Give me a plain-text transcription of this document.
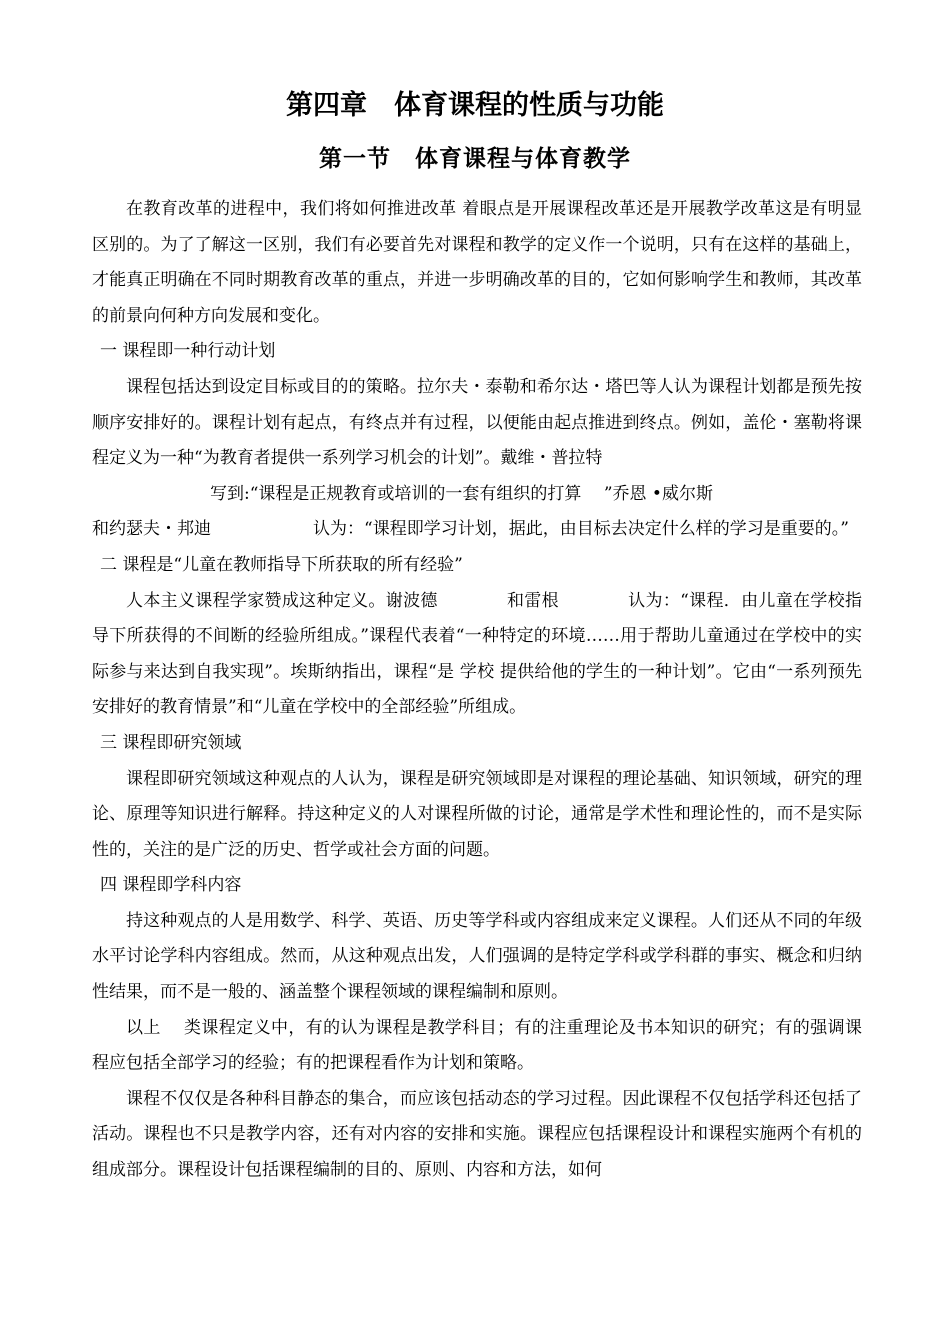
第四章　体育课程的性质与功能
第一节　体育课程与体育教学

在教育改革的进程中，我们将如何推进改革 着眼点是开展课程改革还是开展教学改革这是有明显区别的。为了了解这一区别，我们有必要首先对课程和教学的定义作一个说明，只有在这样的基础上，才能真正明确在不同时期教育改革的重点，并进一步明确改革的目的，它如何影响学生和教师，其改革的前景向何种方向发展和变化。

一 课程即一种行动计划

课程包括达到设定目标或目的的策略。拉尔夫・泰勒和希尔达・塔巴等人认为课程计划都是预先按顺序安排好的。课程计划有起点，有终点并有过程，以便能由起点推进到终点。例如，盖伦・塞勒将课程定义为一种“为教育者提供一系列学习机会的计划”。戴维・普拉特

写到:“课程是正规教育或培训的一套有组织的打算　 ”乔恩 •威尔斯

和约瑟夫・邦迪　　　　　　认为：“课程即学习计划，据此，由目标去决定什么样的学习是重要的。”

二 课程是“儿童在教师指导下所获取的所有经验”

人本主义课程学家赞成这种定义。谢波德　　　　和雷根　　　　认为：“课程．由儿童在学校指导下所获得的不间断的经验所组成。”课程代表着“一种特定的环境……用于帮助儿童通过在学校中的实际参与来达到自我实现”。埃斯纳指出，课程“是 学校 提供给他的学生的一种计划”。它由“一系列预先安排好的教育情景”和“儿童在学校中的全部经验”所组成。

三 课程即研究领域

课程即研究领域这种观点的人认为，课程是研究领域即是对课程的理论基础、知识领域，研究的理论、原理等知识进行解释。持这种定义的人对课程所做的讨论，通常是学术性和理论性的，而不是实际性的，关注的是广泛的历史、哲学或社会方面的问题。

四 课程即学科内容

持这种观点的人是用数学、科学、英语、历史等学科或内容组成来定义课程。人们还从不同的年级水平讨论学科内容组成。然而，从这种观点出发，人们强调的是特定学科或学科群的事实、概念和归纳性结果，而不是一般的、涵盖整个课程领域的课程编制和原则。

以上　 类课程定义中，有的认为课程是教学科目；有的注重理论及书本知识的研究；有的强调课程应包括全部学习的经验；有的把课程看作为计划和策略。

课程不仅仅是各种科目静态的集合，而应该包括动态的学习过程。因此课程不仅包括学科还包括了活动。课程也不只是教学内容，还有对内容的安排和实施。课程应包括课程设计和课程实施两个有机的组成部分。课程设计包括课程编制的目的、原则、内容和方法，如何
